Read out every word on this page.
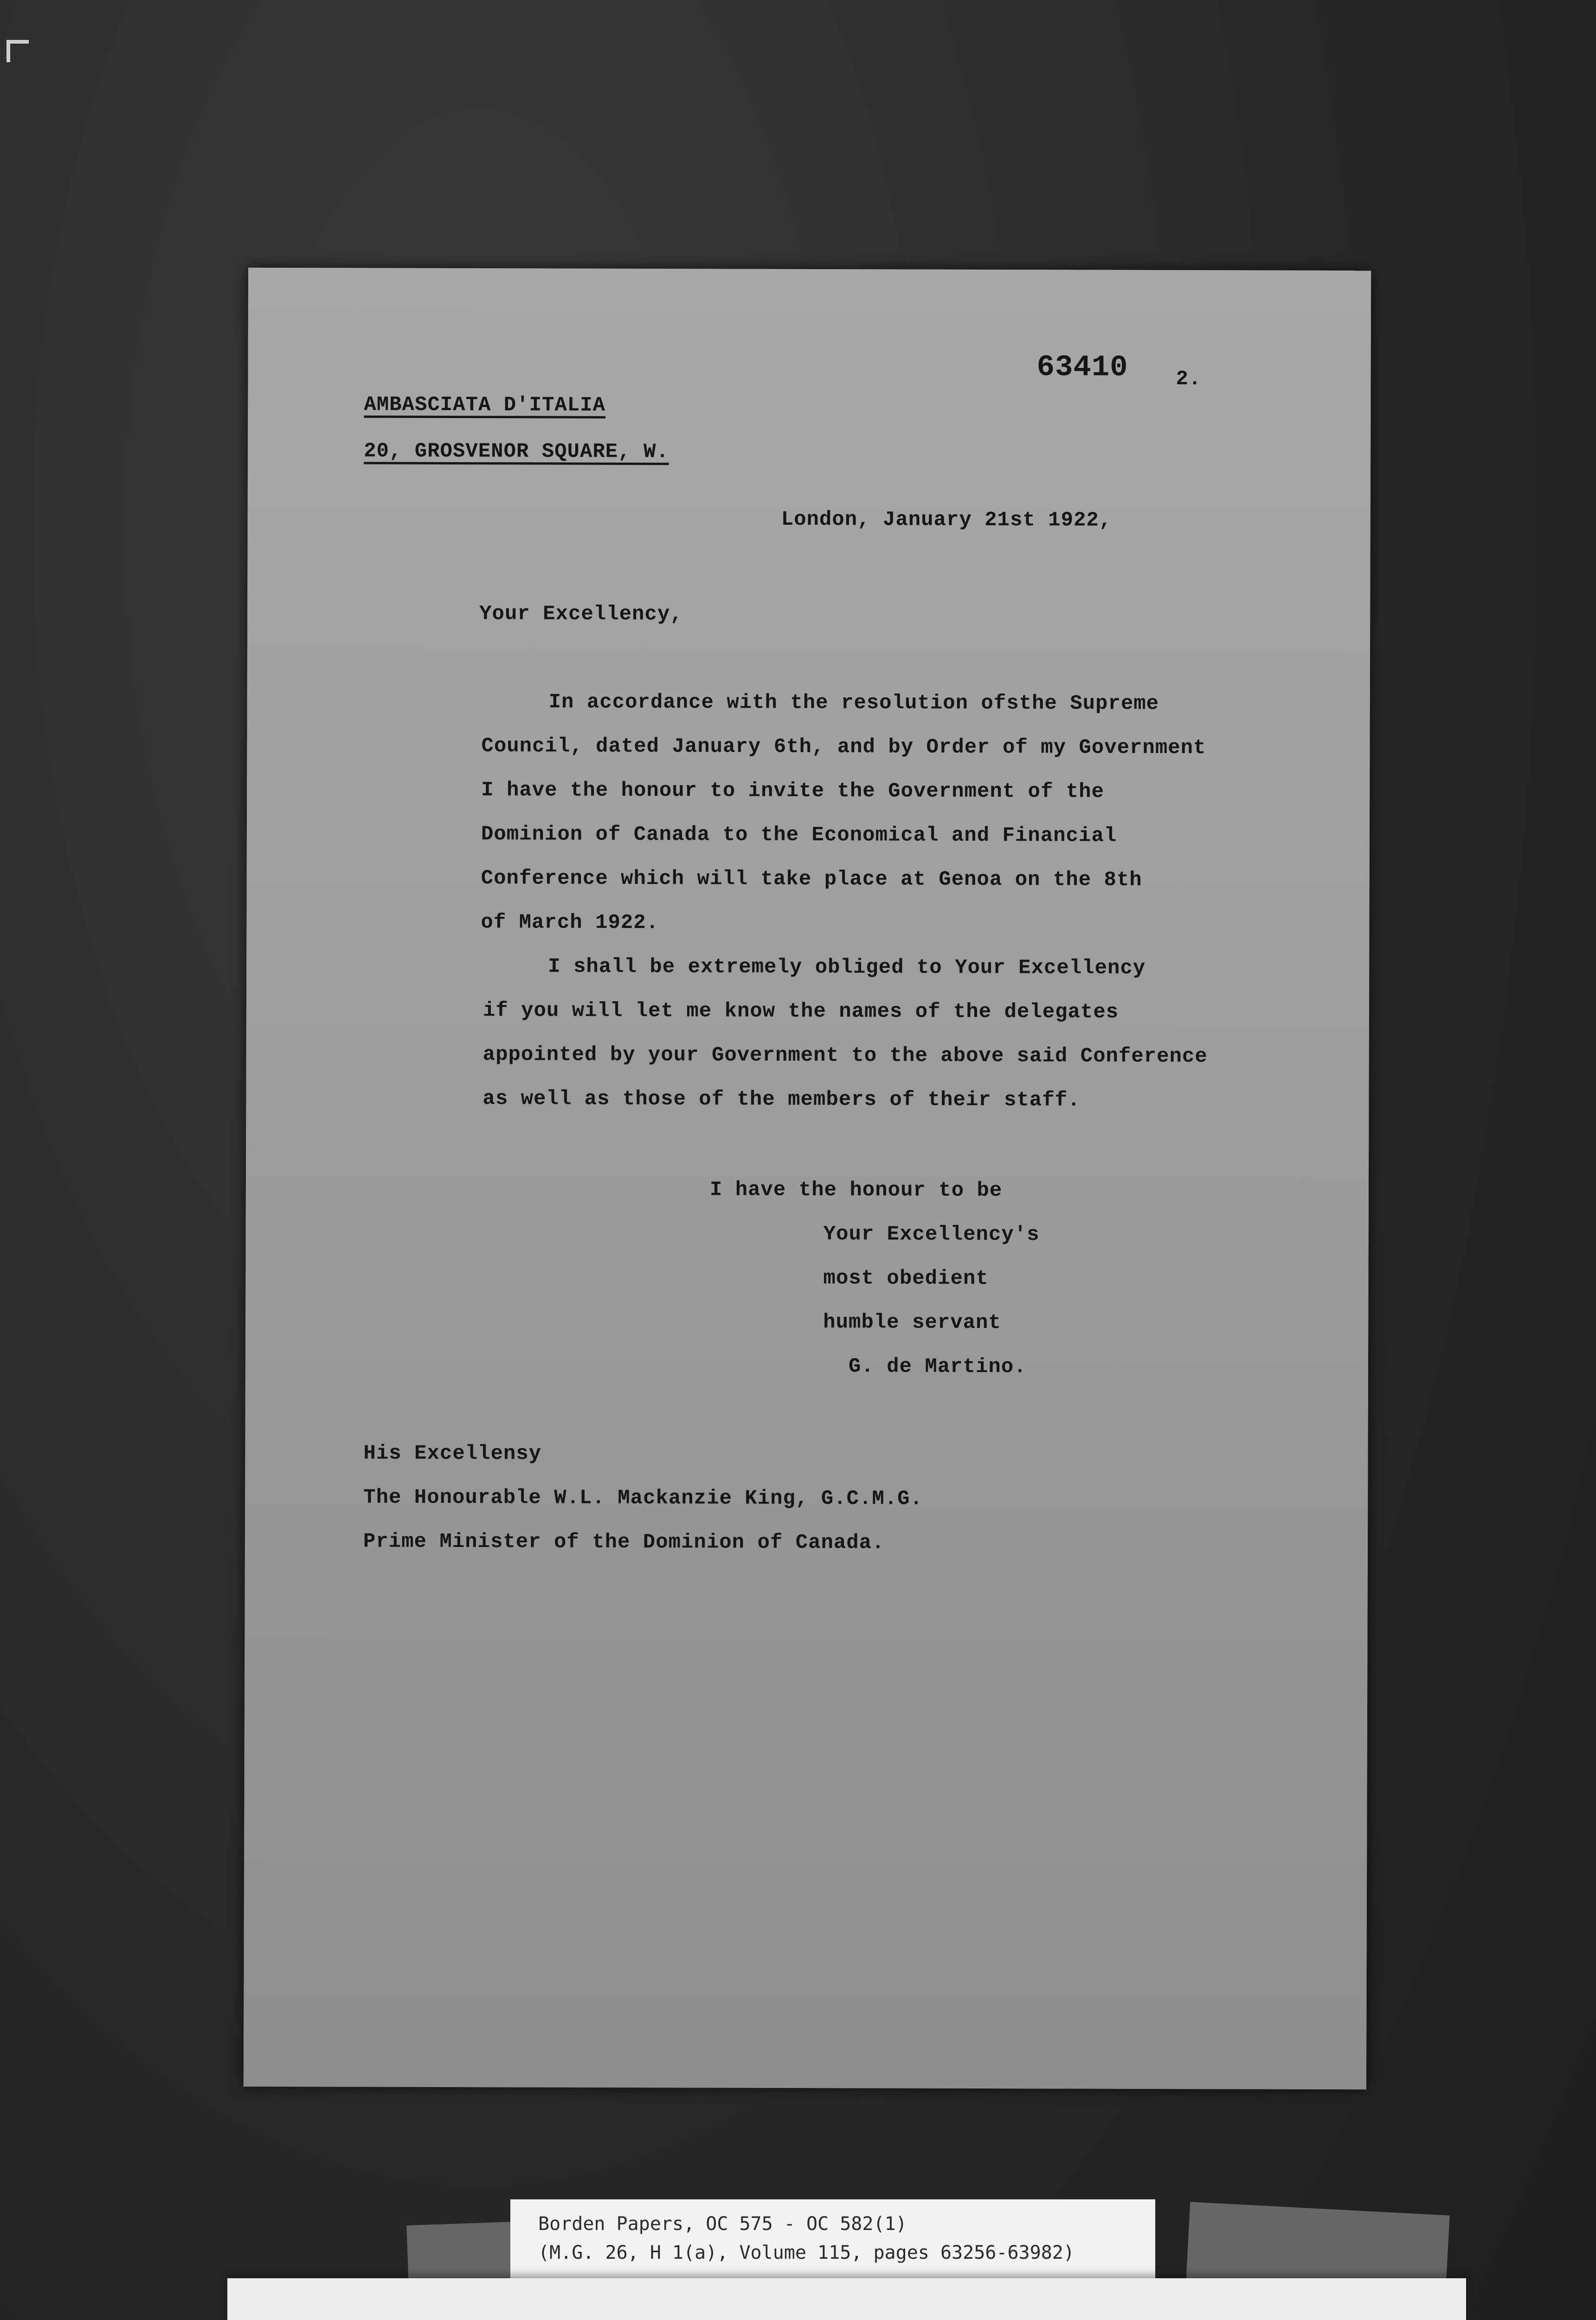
63410 2.
AMBASCIATA D'ITALIA
20, GROSVENOR SQUARE, W.
London, January 21st 1922,
Your Excellency,
In accordance with the resolution ofsthe Supreme
Council, dated January 6th, and by Order of my Government
I have the honour to invite the Government of the
Dominion of Canada to the Economical and Financial
Conference which will take place at Genoa on the 8th
of March 1922.
I shall be extremely obliged to Your Excellency
if you will let me know the names of the delegates
appointed by your Government to the above said Conference
as well as those of the members of their staff.
I have the honour to be
Your Excellency's
most obedient
humble servant
G. de Martino.
His Excellensy
The Honourable W.L. Mackanzie King, G.C.M.G.
Prime Minister of the Dominion of Canada.
Borden Papers, OC 575 - OC 582(1)
(M.G. 26, H 1(a), Volume 115, pages 63256-63982)
